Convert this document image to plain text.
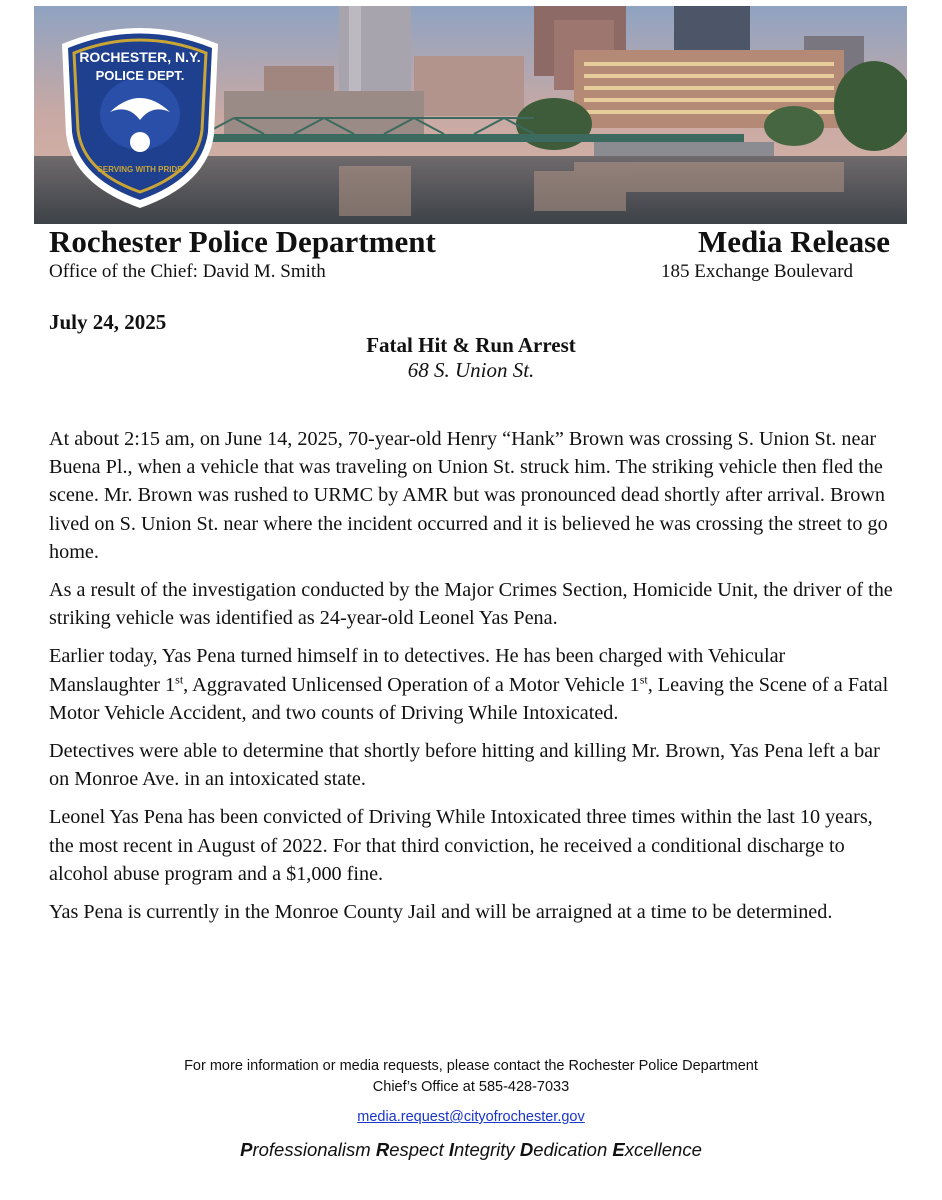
ROCHESTER, N.Y.
POLICE DEPT.
SERVING WITH PRIDE
Rochester Police Department	Media Release
Office of the Chief: David M. Smith	185 Exchange Boulevard
July 24, 2025
Fatal Hit & Run Arrest
68 S. Union St.

At about 2:15 am, on June 14, 2025, 70-year-old Henry “Hank” Brown was crossing S. Union St. near Buena Pl., when a vehicle that was traveling on Union St. struck him. The striking vehicle then fled the scene. Mr. Brown was rushed to URMC by AMR but was pronounced dead shortly after arrival. Brown lived on S. Union St. near where the incident occurred and it is believed he was crossing the street to go home.

As a result of the investigation conducted by the Major Crimes Section, Homicide Unit, the driver of the striking vehicle was identified as 24-year-old Leonel Yas Pena.

Earlier today, Yas Pena turned himself in to detectives. He has been charged with Vehicular Manslaughter 1st, Aggravated Unlicensed Operation of a Motor Vehicle 1st, Leaving the Scene of a Fatal Motor Vehicle Accident, and two counts of Driving While Intoxicated.

Detectives were able to determine that shortly before hitting and killing Mr. Brown, Yas Pena left a bar on Monroe Ave. in an intoxicated state.

Leonel Yas Pena has been convicted of Driving While Intoxicated three times within the last 10 years, the most recent in August of 2022. For that third conviction, he received a conditional discharge to alcohol abuse program and a $1,000 fine.

Yas Pena is currently in the Monroe County Jail and will be arraigned at a time to be determined.

For more information or media requests, please contact the Rochester Police Department
Chief’s Office at 585-428-7033
media.request@cityofrochester.gov
Professionalism Respect Integrity Dedication Excellence
